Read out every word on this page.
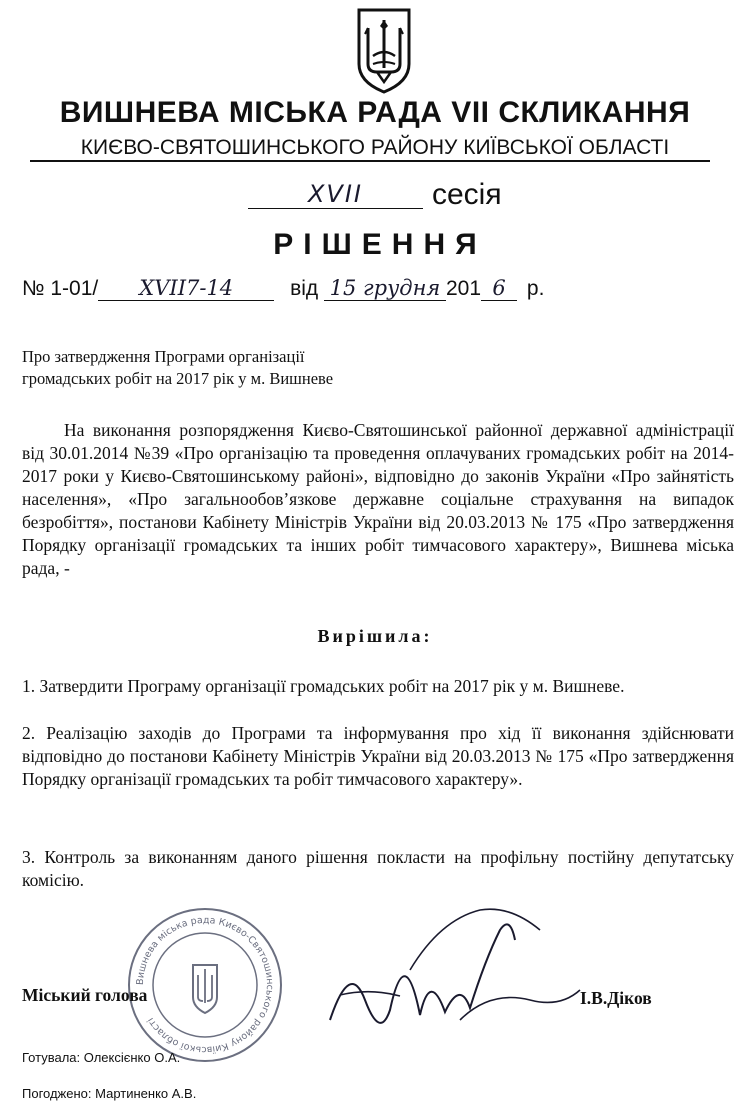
ВИШНЕВА МІСЬКА РАДА VII СКЛИКАННЯ
КИЄВО-СВЯТОШИНСЬКОГО РАЙОНУ КИЇВСЬКОЇ ОБЛАСТІ
XVII	сесія
РІШЕННЯ
№ 1-01/ XVII7-14	від 15 грудня 201 6 р.
Про затвердження Програми організації
громадських робіт на 2017 рік у м. Вишневе
На виконання розпорядження Києво-Святошинської районної державної адміністрації від 30.01.2014 №39 «Про організацію та проведення оплачуваних громадських робіт на 2014-2017 роки у Києво-Святошинському районі», відповідно до законів України «Про зайнятість населення», «Про загальнообов’язкове державне соціальне страхування на випадок безробіття», постанови Кабінету Міністрів України від 20.03.2013 № 175 «Про затвердження Порядку організації громадських та інших робіт тимчасового характеру», Вишнева міська рада, -
Вирішила:
1. Затвердити Програму організації громадських робіт на 2017 рік у м. Вишневе.
2. Реалізацію заходів до Програми та інформування про хід її виконання здійснювати відповідно до постанови Кабінету Міністрів України від 20.03.2013 № 175 «Про затвердження Порядку організації громадських та робіт тимчасового характеру».
3. Контроль за виконанням даного рішення покласти на профільну постійну депутатську комісію.
Вишнева міська рада Києво-Святошинського району Київської області
Міський голова	І.В.Діков
Готувала: Олексієнко О.А.
Погоджено: Мартиненко А.В.
